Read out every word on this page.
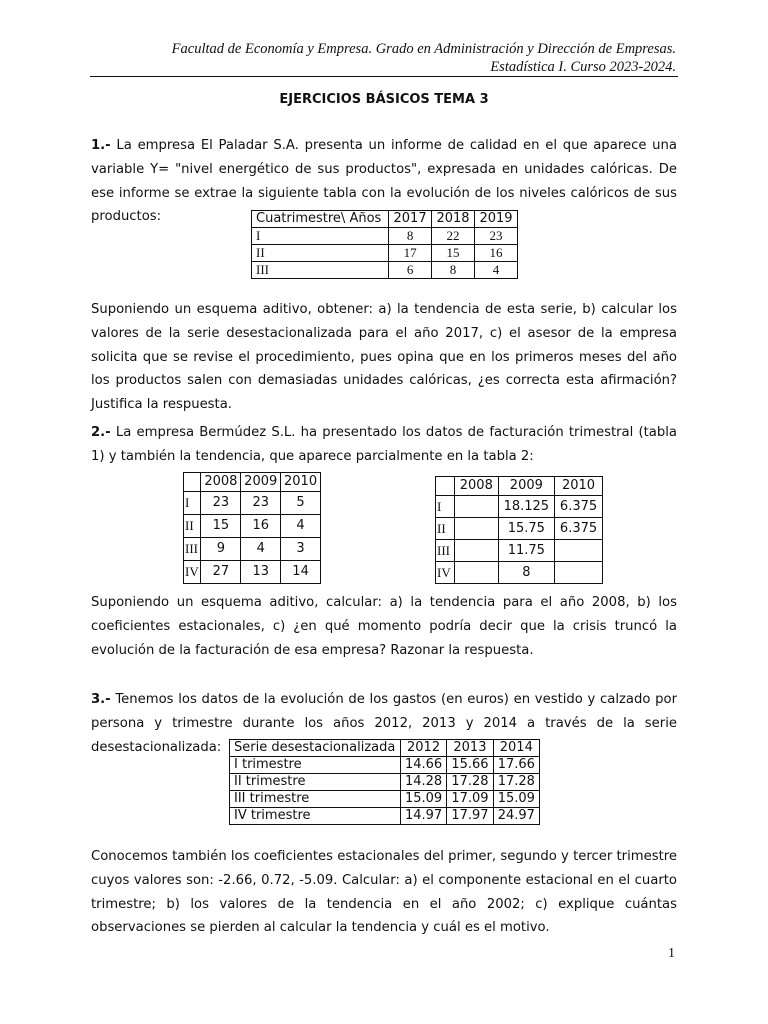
Facultad de Economía y Empresa. Grado en Administración y Dirección de Empresas.
Estadística I. Curso 2023-2024.
EJERCICIOS BÁSICOS TEMA 3

1.- La empresa El Paladar S.A. presenta un informe de calidad en el que aparece una variable Y= "nivel energético de sus productos", expresada en unidades calóricas. De ese informe se extrae la siguiente tabla con la evolución de los niveles calóricos de sus productos:	Cuatrimestre\ Años	2017	2018	2019
I	8	22	23
II	17	15	16
III	6	8	4

Suponiendo un esquema aditivo, obtener: a) la tendencia de esta serie, b) calcular los valores de la serie desestacionalizada para el año 2017, c) el asesor de la empresa solicita que se revise el procedimiento, pues opina que en los primeros meses del año los productos salen con demasiadas unidades calóricas, ¿es correcta esta afirmación? Justifica la respuesta.

2.- La empresa Bermúdez S.L. ha presentado los datos de facturación trimestral (tabla 1) y también la tendencia, que aparece parcialmente en la tabla 2:

	2008	2009	2010
I	23	23	5
II	15	16	4
III	9	4	3
IV	27	13	14
	2008	2009	2010
I		18.125	6.375
II		15.75	6.375
III		11.75	
IV		8	

Suponiendo un esquema aditivo, calcular: a) la tendencia para el año 2008, b) los coeficientes estacionales, c) ¿en qué momento podría decir que la crisis truncó la evolución de la facturación de esa empresa? Razonar la respuesta.

3.- Tenemos los datos de la evolución de los gastos (en euros) en vestido y calzado por persona y trimestre durante los años 2012, 2013 y 2014 a través de la serie desestacionalizada: Serie desestacionalizada	2012	2013	2014
I trimestre	14.66	15.66	17.66
II trimestre	14.28	17.28	17.28
III trimestre	15.09	17.09	15.09
IV trimestre	14.97	17.97	24.97

Conocemos también los coeficientes estacionales del primer, segundo y tercer trimestre cuyos valores son: -2.66, 0.72, -5.09. Calcular: a) el componente estacional en el cuarto trimestre; b) los valores de la tendencia en el año 2002; c) explique cuántas observaciones se pierden al calcular la tendencia y cuál es el motivo.

1
